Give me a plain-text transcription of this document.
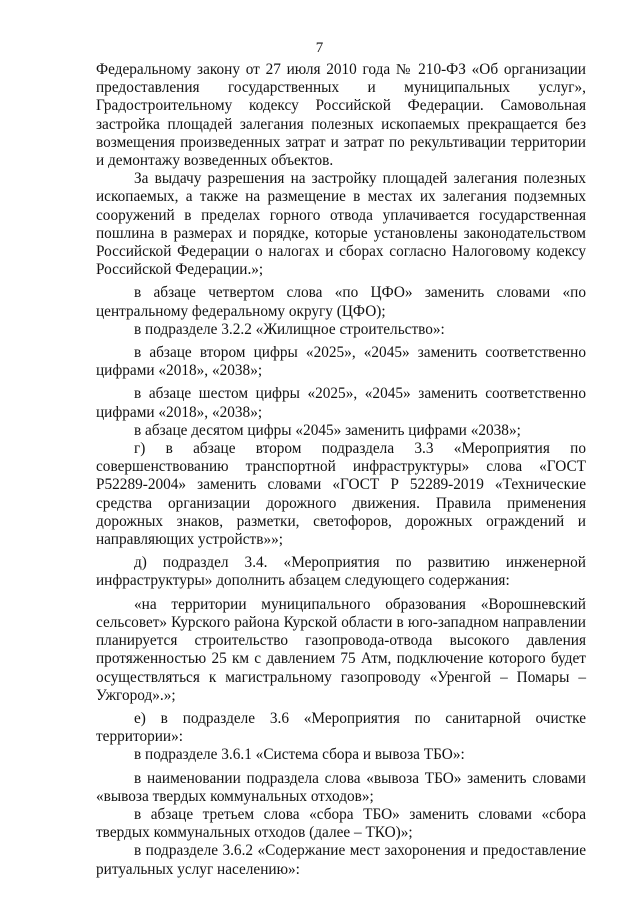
7

Федеральному закону от 27 июля 2010 года № 210-ФЗ «Об организации предоставления государственных и муниципальных услуг», Градостроительному кодексу Российской Федерации. Самовольная застройка площадей залегания полезных ископаемых прекращается без возмещения произведенных затрат и затрат по рекультивации территории и демонтажу возведенных объектов.

За выдачу разрешения на застройку площадей залегания полезных ископаемых, а также на размещение в местах их залегания подземных сооружений в пределах горного отвода уплачивается государственная пошлина в размерах и порядке, которые установлены законодательством Российской Федерации о налогах и сборах согласно Налоговому кодексу Российской Федерации.»;

в абзаце четвертом слова «по ЦФО» заменить словами «по центральному федеральному округу (ЦФО);

в подразделе 3.2.2 «Жилищное строительство»:

в абзаце втором цифры «2025», «2045» заменить соответственно цифрами «2018», «2038»;

в абзаце шестом цифры «2025», «2045» заменить соответственно цифрами «2018», «2038»;

в абзаце десятом цифры «2045» заменить цифрами «2038»;

г) в абзаце втором подраздела 3.3 «Мероприятия по совершенствованию транспортной инфраструктуры» слова «ГОСТ Р52289-2004» заменить словами «ГОСТ Р 52289-2019 «Технические средства организации дорожного движения. Правила применения дорожных знаков, разметки, светофоров, дорожных ограждений и направляющих устройств»»;

д) подраздел 3.4. «Мероприятия по развитию инженерной инфраструктуры» дополнить абзацем следующего содержания:

«на территории муниципального образования «Ворошневский сельсовет» Курского района Курской области в юго-западном направлении планируется строительство газопровода-отвода высокого давления протяженностью 25 км с давлением 75 Атм, подключение которого будет осуществляться к магистральному газопроводу «Уренгой – Помары – Ужгород».»;

е) в подразделе 3.6 «Мероприятия по санитарной очистке территории»:

в подразделе 3.6.1 «Система сбора и вывоза ТБО»:

в наименовании подраздела слова «вывоза ТБО» заменить словами «вывоза твердых коммунальных отходов»;

в абзаце третьем слова «сбора ТБО» заменить словами «сбора твердых коммунальных отходов (далее – ТКО)»;

в подразделе 3.6.2 «Содержание мест захоронения и предоставление ритуальных услуг населению»:
